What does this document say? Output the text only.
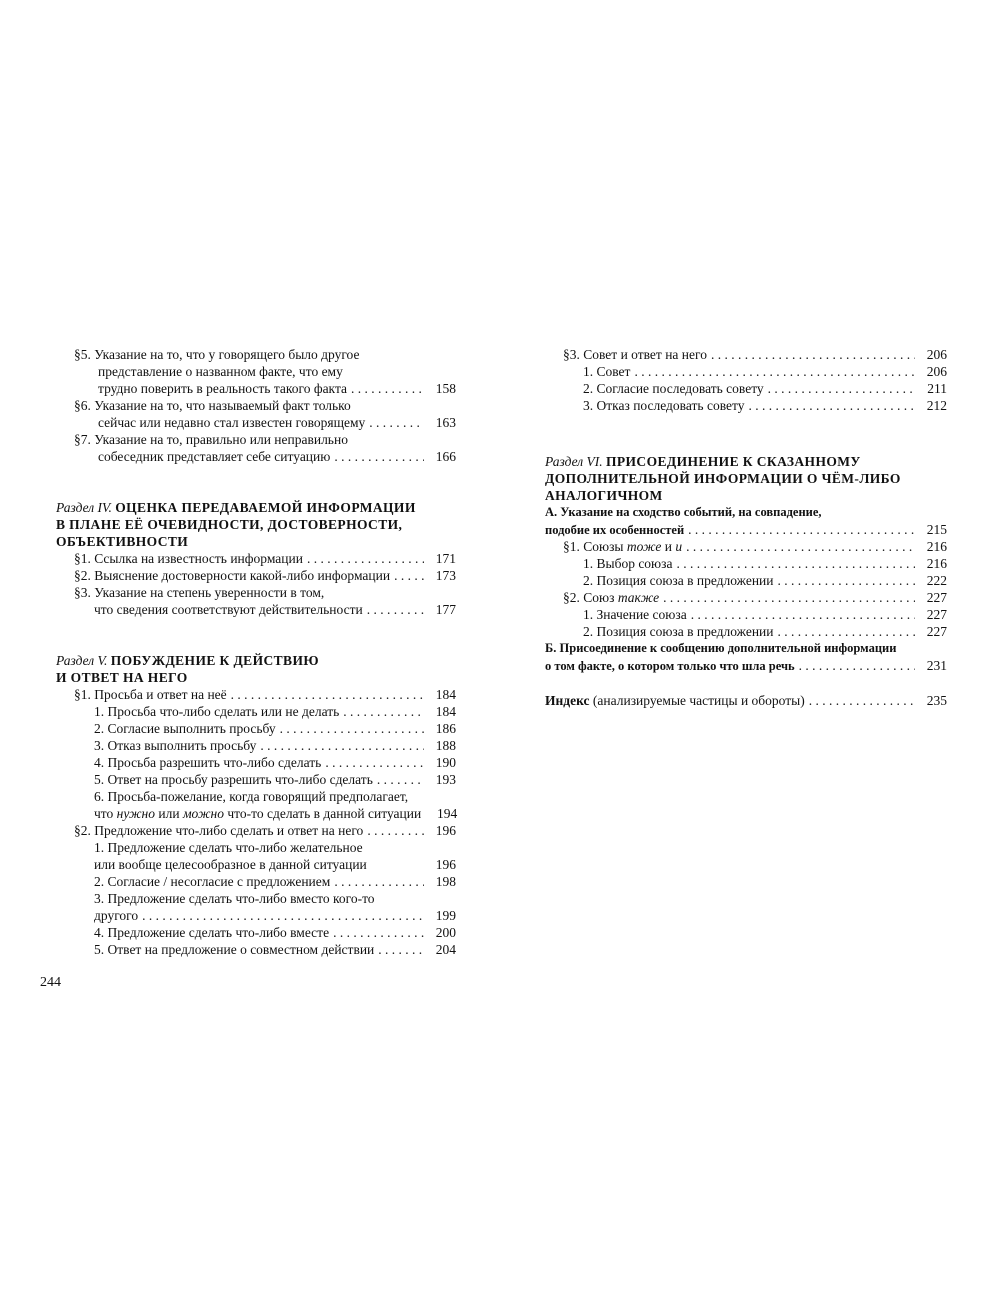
§5. Указание на то, что у говорящего было другое
представление о названном факте, что ему
трудно поверить в реальность такого факта . . .	158
§6. Указание на то, что называемый факт только
сейчас или недавно стал известен говорящему . . .	163
§7. Указание на то, правильно или неправильно
собеседник представляет себе ситуацию . . .	166
Раздел IV. ОЦЕНКА ПЕРЕДАВАЕМОЙ ИНФОРМАЦИИ
В ПЛАНЕ ЕЁ ОЧЕВИДНОСТИ, ДОСТОВЕРНОСТИ,
ОБЪЕКТИВНОСТИ
§1. Ссылка на известность информации . . .	171
§2. Выяснение достоверности какой-либо информации . . .	173
§3. Указание на степень уверенности в том,
что сведения соответствуют действительности . . .	177
Раздел V. ПОБУЖДЕНИЕ К ДЕЙСТВИЮ
И ОТВЕТ НА НЕГО
§1. Просьба и ответ на неё . . .	184
1. Просьба что-либо сделать или не делать . . .	184
2. Согласие выполнить просьбу . . .	186
3. Отказ выполнить просьбу . . .	188
4. Просьба разрешить что-либо сделать . . .	190
5. Ответ на просьбу разрешить что-либо сделать . . .	193
6. Просьба-пожелание, когда говорящий предполагает,
что нужно или можно что-то сделать в данной ситуации	194
§2. Предложение что-либо сделать и ответ на него . . .	196
1. Предложение сделать что-либо желательное
или вообще целесообразное в данной ситуации	196
2. Согласие / несогласие с предложением . . .	198
3. Предложение сделать что-либо вместо кого-то
другого . . .	199
4. Предложение сделать что-либо вместе . . .	200
5. Ответ на предложение о совместном действии . . .	204
§3. Совет и ответ на него . . .	206
1. Совет . . .	206
2. Согласие последовать совету . . .	211
3. Отказ последовать совету . . .	212
Раздел VI. ПРИСОЕДИНЕНИЕ К СКАЗАННОМУ
ДОПОЛНИТЕЛЬНОЙ ИНФОРМАЦИИ О ЧЁМ-ЛИБО
АНАЛОГИЧНОМ
А. Указание на сходство событий, на совпадение,
подобие их особенностей . . .	215
§1. Союзы тоже и и . . .	216
1. Выбор союза . . .	216
2. Позиция союза в предложении . . .	222
§2. Союз также . . .	227
1. Значение союза . . .	227
2. Позиция союза в предложении . . .	227
Б. Присоединение к сообщению дополнительной информации
о том факте, о котором только что шла речь . . .	231
Индекс (анализируемые частицы и обороты) . . .	235
244
